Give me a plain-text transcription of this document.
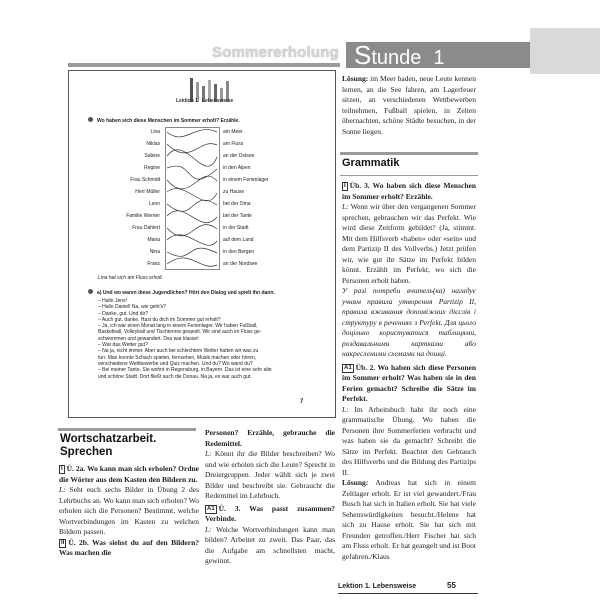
Sommererholung Stunde 1
Lektion 1 Lebensweise
Wo haben sich diese Menschen im Sommer erholt? Erzähle.
Lina
Niklas
Sabine
Regine
Frau Schmidt
Herr Müller
Leon
Familie Werner
Frau Dahlert
Maria
Nina
Franz
am Meer
am Fluss
an der Ostsee
in den Alpen
in einem Ferienlager
zu Hause
bei der Oma
bei der Tante
in der Stadt
auf dem Land
in den Bergen
an der Nordsee
Lina hat sich am Fluss erholt.
a) Und wo waren diese Jugendlichen? Hört den Dialog und spielt ihn dann.
– Hallo Jens!
– Hallo Daniel! Na, wie geht's?
– Danke, gut. Und dir?
– Auch gut, danke. Hast du dich im Sommer gut erholt?
– Ja, ich war einen Monat lang in einem Ferienlager. Wir haben Fußball,
Basketball, Volleyball und Tischtennis gespielt. Wir sind auch im Fluss ge-
schwommen und gewandert. Das war klasse!
– War das Wetter gut?
– Na ja, nicht immer. Aber auch bei schlechtem Wetter hatten wir was zu
tun: Man konnte Schach spielen, fernsehen, Musik machen oder hören,
verschiedene Wettbewerbe und Quiz machen. Und du? Wo warst du?
– Bei meiner Tante. Sie wohnt in Regensburg, in Bayern. Das ist eine sehr alte
und schöne Stadt. Dort fließt auch die Donau. Na ja, es war auch gut.
7

Lösung: im Meer baden, neue Leute kennen lernen, an die See fahren, am Lagerfeuer sitzen, an verschiedenen Wettbewerben teilnehmen, Fußball spielen, in Zelten übernachten, schöne Städte besuchen, in der Sonne liegen.

Grammatik

I Üb. 3. Wo haben sich diese Menschen im Sommer erholt? Erzähle.

L: Wenn wir über den vergangenen Sommer sprechen, gebrauchen wir das Perfekt. Wie wird diese Zeitform gebildet? (Ja, stimmt. Mit dem Hilfsverb «haben» oder «sein» und dem Partizip II des Vollverbs.) Jetzt prüfen wir, wie gut ihr Sätze im Perfekt bilden könnt. Erzählt im Perfekt, wo sich die Personen erholt haben.

У разі потреби вчитель(ка) нагадує учням правила утворення Partizip II, правила вживання допоміжних дієслів і структуру в реченнях з Perfekt. Для цього доцільно користуватися таблицями, роздавальними картками або накресленими схемами на дошці.

A1 Üb. 2. Wo haben sich diese Personen im Sommer erholt? Was haben sie in den Ferien gemacht? Schreibe die Sätze im Perfekt.

L: Im Arbeitsbuch habt ihr noch eine grammatische Übung. Wo haben die Personen ihre Sommerferien verbracht und was haben sie da gemacht? Schreibt die Sätze im Perfekt. Beachtet den Gebrauch des Hilfsverbs und die Bildung des Partizips II.

Lösung: Andreas hat sich in einem Zeltlager erholt. Er ist viel gewandert./Frau Busch hat sich in Italien erholt. Sie hat viele Sehenswürdigkeiten besucht./Helene hat sich zu Hause erholt. Sie hat sich mit Freunden getroffen./Herr Fischer hat sich am Fluss erholt. Er hat geangelt und ist Boot gefahren./Klaus

Wortschatzarbeit. Sprechen

I Ü. 2a. Wo kann man sich erholen? Ordne die Wörter aus dem Kasten den Bildern zu.

L: Seht euch sechs Bilder in Übung 2 des Lehrbuchs an. Wo kann man sich erholen? Wo erholen sich die Personen? Bestimmt, welche Wortverbindungen im Kasten zu welchen Bildern passen.

II Ü. 2b. Was siehst du auf den Bildern? Was machen die

Personen? Erzähle, gebrauche die Redemittel.

L: Könnt ihr die Bilder beschreiben? Wo und wie erholen sich die Leute? Sprecht in Dreiergruppen. Jeder wählt sich je zwei Bilder und beschreibt sie. Gebraucht die Redemittel im Lehrbuch.

A1 Ü. 3. Was passt zusammen? Verbinde.

L: Welche Wortverbindungen kann man bilden? Arbeitet zu zweit. Das Paar, das die Aufgabe am schnellsten macht, gewinnt.

Lektion 1. Lebensweise	55
